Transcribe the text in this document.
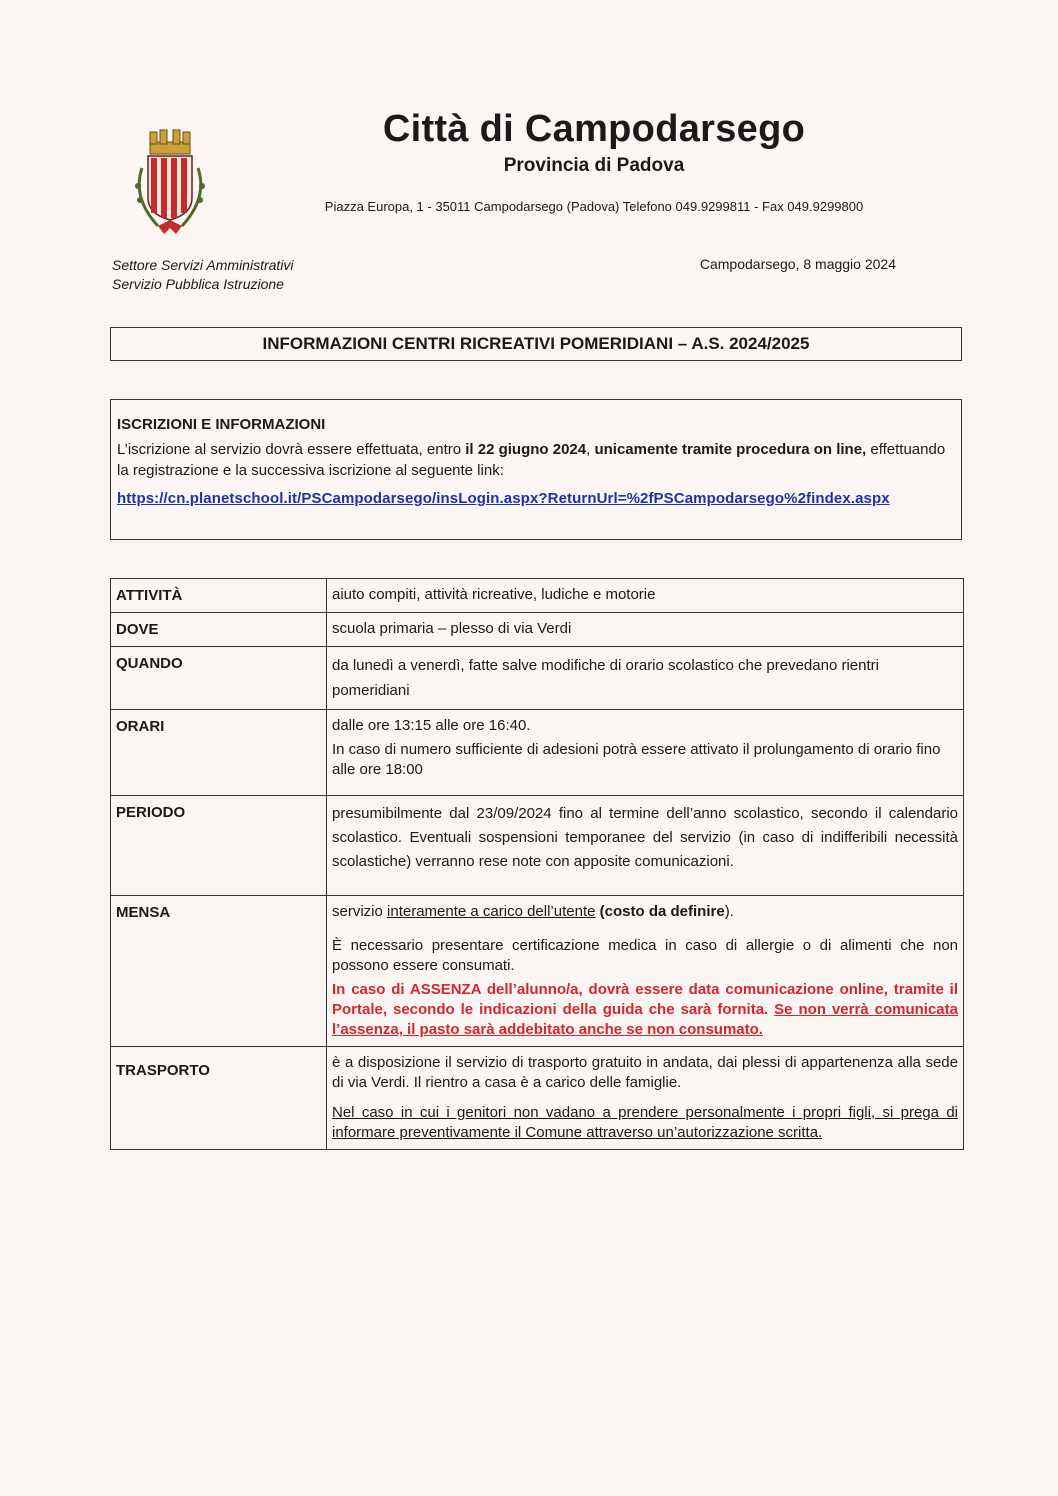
Città di Campodarsego
Provincia di Padova
Piazza Europa, 1 - 35011 Campodarsego (Padova) Telefono 049.9299811 - Fax 049.9299800
Settore Servizi Amministrativi
Servizio Pubblica Istruzione
Campodarsego, 8 maggio 2024
INFORMAZIONI CENTRI RICREATIVI POMERIDIANI – A.S. 2024/2025
ISCRIZIONI E INFORMAZIONI
L’iscrizione al servizio dovrà essere effettuata, entro il 22 giugno 2024, unicamente tramite procedura on line, effettuando la registrazione e la successiva iscrizione al seguente link:
https://cn.planetschool.it/PSCampodarsego/insLogin.aspx?ReturnUrl=%2fPSCampodarsego%2findex.aspx
ATTIVITÀ	aiuto compiti, attività ricreative, ludiche e motorie
DOVE	scuola primaria – plesso di via Verdi
QUANDO	da lunedì a venerdì, fatte salve modifiche di orario scolastico che prevedano rientri pomeridiani
ORARI	dalle ore 13:15 alle ore 16:40.

In caso di numero sufficiente di adesioni potrà essere attivato il prolungamento di orario fino alle ore 18:00

PERIODO	presumibilmente dal 23/09/2024 fino al termine dell’anno scolastico, secondo il calendario scolastico. Eventuali sospensioni temporanee del servizio (in caso di indifferibili necessità scolastiche) verranno rese note con apposite comunicazioni.
MENSA	servizio interamente a carico dell’utente (costo da definire).

È necessario presentare certificazione medica in caso di allergie o di alimenti che non possono essere consumati.

In caso di ASSENZA dell’alunno/a, dovrà essere data comunicazione online, tramite il Portale, secondo le indicazioni della guida che sarà fornita. Se non verrà comunicata l’assenza, il pasto sarà addebitato anche se non consumato.

TRASPORTO	è a disposizione il servizio di trasporto gratuito in andata, dai plessi di appartenenza alla sede di via Verdi. Il rientro a casa è a carico delle famiglie.

Nel caso in cui i genitori non vadano a prendere personalmente i propri figli, si prega di informare preventivamente il Comune attraverso un’autorizzazione scritta.
